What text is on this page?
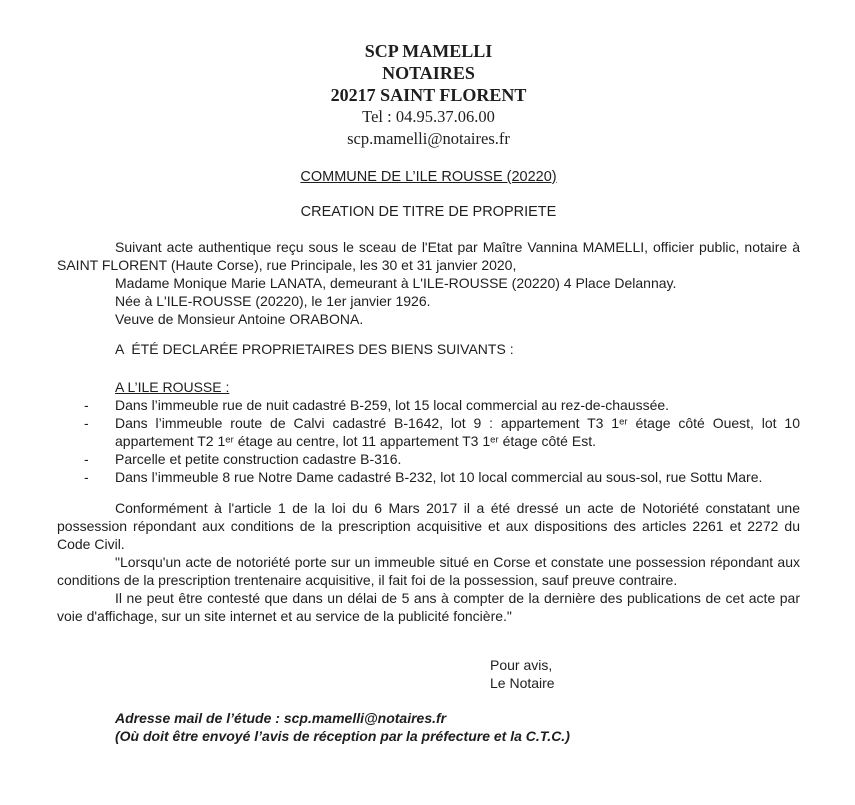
SCP MAMELLI
NOTAIRES
20217 SAINT FLORENT
Tel : 04.95.37.06.00
scp.mamelli@notaires.fr
COMMUNE DE L’ILE ROUSSE (20220)
CREATION DE TITRE DE PROPRIETE
Suivant acte authentique reçu sous le sceau de l'Etat par Maître Vannina MAMELLI, officier public, notaire à SAINT FLORENT (Haute Corse), rue Principale, les 30 et 31 janvier 2020,
Madame Monique Marie LANATA, demeurant à L'ILE-ROUSSE (20220) 4 Place Delannay.
Née à L'ILE-ROUSSE (20220), le 1er janvier 1926.
Veuve de Monsieur Antoine ORABONA.
A  ÉTÉ DECLARÉE PROPRIETAIRES DES BIENS SUIVANTS :
A L’ILE ROUSSE :
-	Dans l’immeuble rue de nuit cadastré B-259, lot 15 local commercial au rez-de-chaussée.
-	Dans l’immeuble route de Calvi cadastré B-1642, lot 9 : appartement T3 1ᵉʳ étage côté Ouest, lot 10 appartement T2 1ᵉʳ étage au centre, lot 11 appartement T3 1ᵉʳ étage côté Est.
-	Parcelle et petite construction cadastre B-316.
-	Dans l’immeuble 8 rue Notre Dame cadastré B-232, lot 10 local commercial au sous-sol, rue Sottu Mare.
Conformément à l'article 1 de la loi du 6 Mars 2017 il a été dressé un acte de Notoriété constatant une possession répondant aux conditions de la prescription acquisitive et aux dispositions des articles 2261 et 2272 du Code Civil.
"Lorsqu'un acte de notoriété porte sur un immeuble situé en Corse et constate une possession répondant aux conditions de la prescription trentenaire acquisitive, il fait foi de la possession, sauf preuve contraire.
Il ne peut être contesté que dans un délai de 5 ans à compter de la dernière des publications de cet acte par voie d'affichage, sur un site internet et au service de la publicité foncière."
Pour avis,
Le Notaire
Adresse mail de l’étude : scp.mamelli@notaires.fr
(Où doit être envoyé l’avis de réception par la préfecture et la C.T.C.)
